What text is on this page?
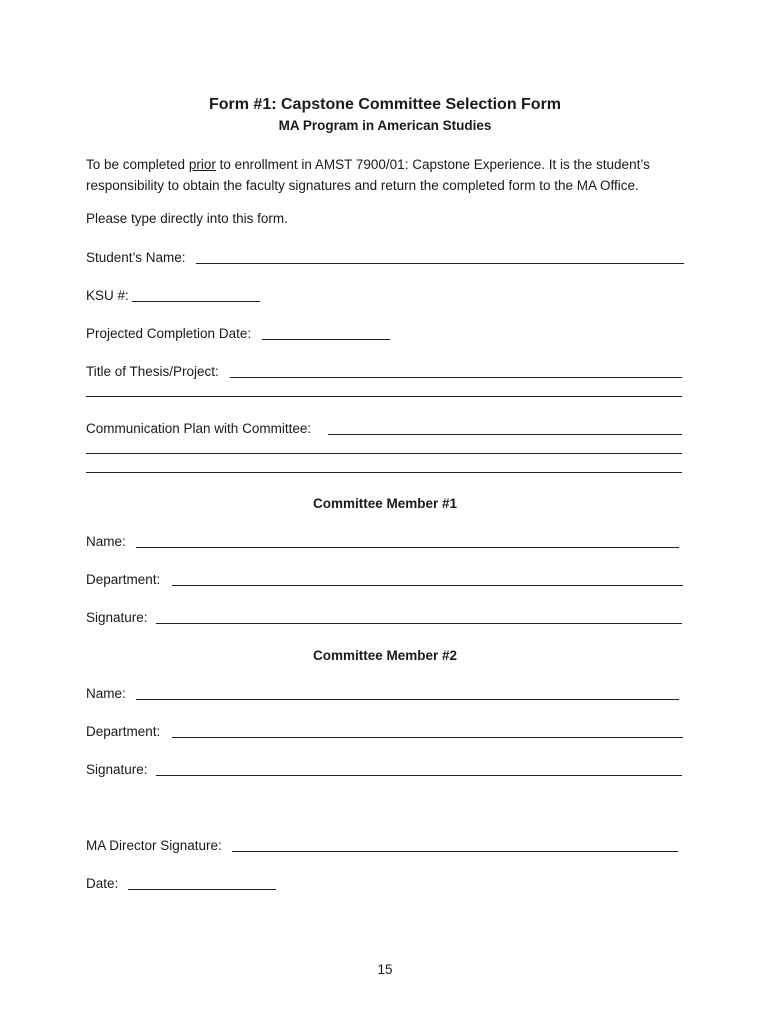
Form #1: Capstone Committee Selection Form
MA Program in American Studies
To be completed prior to enrollment in AMST 7900/01: Capstone Experience. It is the student’s responsibility to obtain the faculty signatures and return the completed form to the MA Office.
Please type directly into this form.
Student’s Name:
KSU #:
Projected Completion Date:
Title of Thesis/Project:
Communication Plan with Committee:
Committee Member #1
Name:
Department:
Signature:
Committee Member #2
Name:
Department:
Signature:
MA Director Signature:
Date:
15
